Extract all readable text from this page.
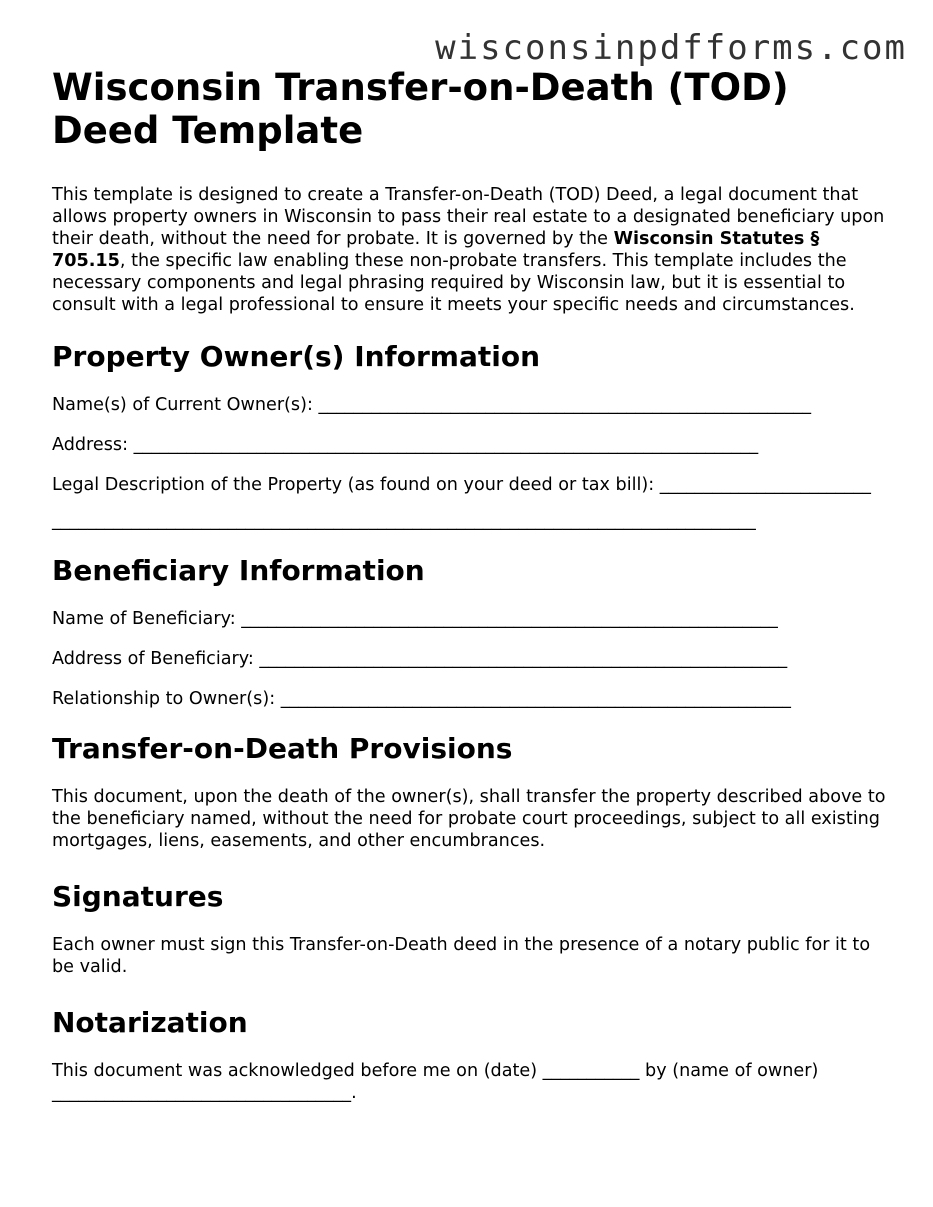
wisconsinpdfforms.com
Wisconsin Transfer-on-Death (TOD) Deed Template

This template is designed to create a Transfer-on-Death (TOD) Deed, a legal document that allows property owners in Wisconsin to pass their real estate to a designated beneficiary upon their death, without the need for probate. It is governed by the Wisconsin Statutes § 705.15, the specific law enabling these non-probate transfers. This template includes the necessary components and legal phrasing required by Wisconsin law, but it is essential to consult with a legal professional to ensure it meets your specific needs and circumstances.

Property Owner(s) Information

Name(s) of Current Owner(s): ________________________________________________________

Address: _______________________________________________________________________

Legal Description of the Property (as found on your deed or tax bill): ________________________

________________________________________________________________________________

Beneficiary Information

Name of Beneficiary: _____________________________________________________________

Address of Beneficiary: ____________________________________________________________

Relationship to Owner(s): __________________________________________________________

Transfer-on-Death Provisions

This document, upon the death of the owner(s), shall transfer the property described above to the beneficiary named, without the need for probate court proceedings, subject to all existing mortgages, liens, easements, and other encumbrances.

Signatures

Each owner must sign this Transfer-on-Death deed in the presence of a notary public for it to be valid.

Notarization

This document was acknowledged before me on (date) ___________ by (name of owner) __________________________________.
